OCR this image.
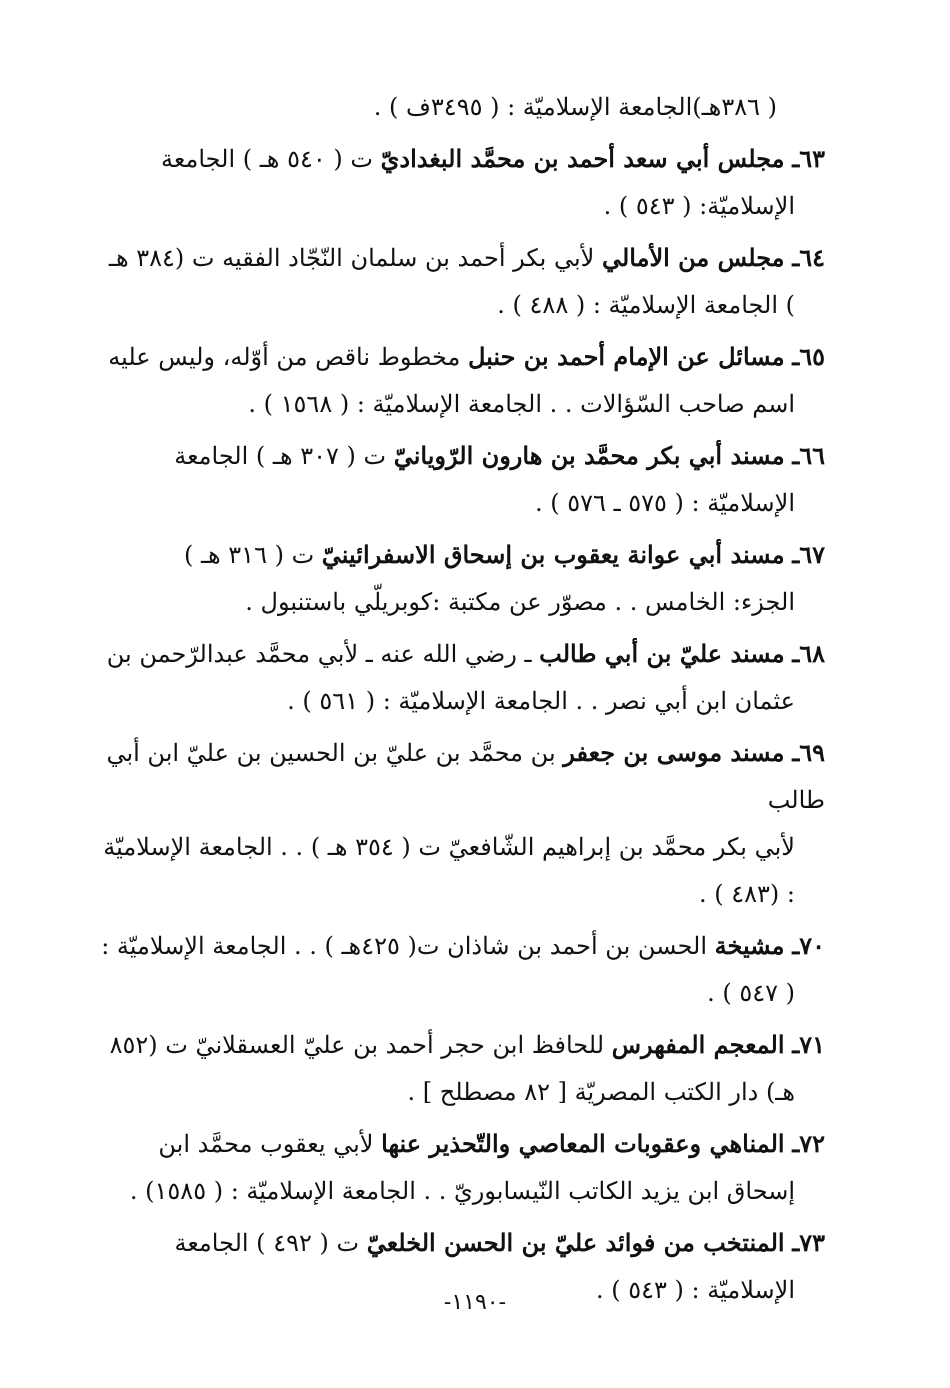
( ٣٨٦هـ)الجامعة الإسلاميّة : ( ٣٤٩٥ف ) .
٦٣ـ مجلس أبي سعد أحمد بن محمَّد البغداديّ ت ( ٥٤٠ هـ ) الجامعة
الإسلاميّة: ( ٥٤٣ ) .
٦٤ـ مجلس من الأمالي لأبي بكر أحمد بن سلمان النّجّاد الفقيه ت (٣٨٤ هـ
) الجامعة الإسلاميّة : ( ٤٨٨ ) .
٦٥ـ مسائل عن الإمام أحمد بن حنبل مخطوط ناقص من أوّله، وليس عليه
اسم صاحب السّؤالات . . الجامعة الإسلاميّة : ( ١٥٦٨ ) .
٦٦ـ مسند أبي بكر محمَّد بن هارون الرّويانيّ ت ( ٣٠٧ هـ ) الجامعة
الإسلاميّة : ( ٥٧٥ ـ ٥٧٦ ) .
٦٧ـ مسند أبي عوانة يعقوب بن إسحاق الاسفرائينيّ ت ( ٣١٦ هـ )
الجزء: الخامس . . مصوّر عن مكتبة :كوبريلّي باستنبول .
٦٨ـ مسند عليّ بن أبي طالب ـ رضي الله عنه ـ لأبي محمَّد عبدالرّحمن بن
عثمان ابن أبي نصر . . الجامعة الإسلاميّة : ( ٥٦١ ) .
٦٩ـ مسند موسى بن جعفر بن محمَّد بن عليّ بن الحسين بن عليّ ابن أبي طالب
لأبي بكر محمَّد بن إبراهيم الشّافعيّ ت ( ٣٥٤ هـ ) . . الجامعة الإسلاميّة : (٤٨٣ ) .
٧٠ـ مشيخة الحسن بن أحمد بن شاذان ت( ٤٢٥هـ ) . . الجامعة الإسلاميّة :
( ٥٤٧ ) .
٧١ـ المعجم المفهرس للحافظ ابن حجر أحمد بن عليّ العسقلانيّ ت (٨٥٢
هـ) دار الكتب المصريّة [ ٨٢ مصطلح ] .
٧٢ـ المناهي وعقوبات المعاصي والتّحذير عنها لأبي يعقوب محمَّد ابن
إسحاق ابن يزيد الكاتب النّيسابوريّ . . الجامعة الإسلاميّة : ( ١٥٨٥) .
٧٣ـ المنتخب من فوائد عليّ بن الحسن الخلعيّ ت ( ٤٩٢ ) الجامعة
الإسلاميّة : ( ٥٤٣ ) .
-١١٩٠-
